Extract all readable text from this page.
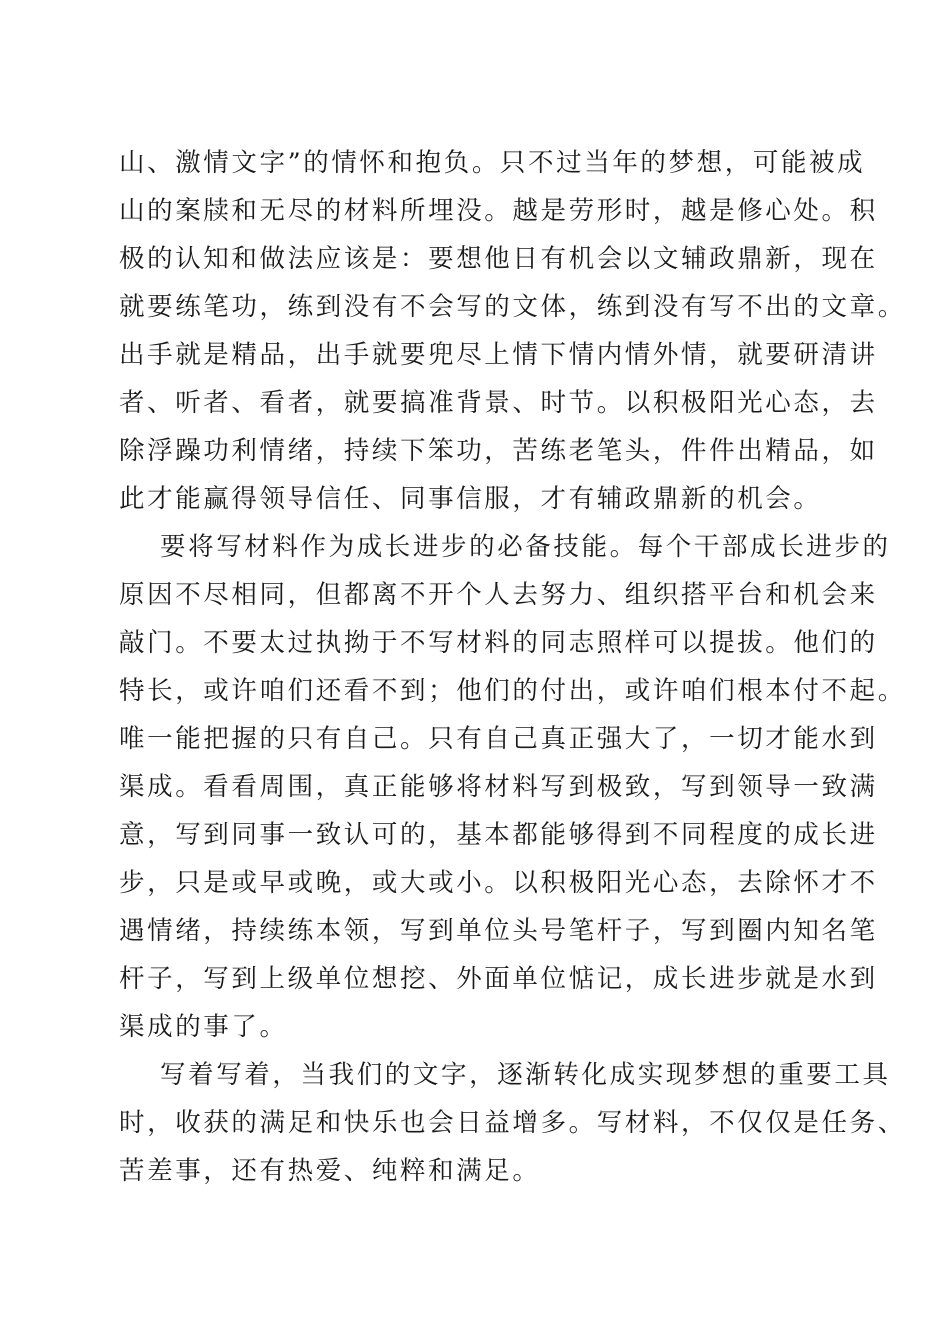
山、激情文字”的情怀和抱负。只不过当年的梦想，可能被成
山的案牍和无尽的材料所埋没。越是劳形时，越是修心处。积
极的认知和做法应该是：要想他日有机会以文辅政鼎新，现在
就要练笔功，练到没有不会写的文体，练到没有写不出的文章。
出手就是精品，出手就要兜尽上情下情内情外情，就要研清讲
者、听者、看者，就要搞准背景、时节。以积极阳光心态，去
除浮躁功利情绪，持续下笨功，苦练老笔头，件件出精品，如
此才能赢得领导信任、同事信服，才有辅政鼎新的机会。
要将写材料作为成长进步的必备技能。每个干部成长进步的
原因不尽相同，但都离不开个人去努力、组织搭平台和机会来
敲门。不要太过执拗于不写材料的同志照样可以提拔。他们的
特长，或许咱们还看不到；他们的付出，或许咱们根本付不起。
唯一能把握的只有自己。只有自己真正强大了，一切才能水到
渠成。看看周围，真正能够将材料写到极致，写到领导一致满
意，写到同事一致认可的，基本都能够得到不同程度的成长进
步，只是或早或晚，或大或小。以积极阳光心态，去除怀才不
遇情绪，持续练本领，写到单位头号笔杆子，写到圈内知名笔
杆子，写到上级单位想挖、外面单位惦记，成长进步就是水到
渠成的事了。
写着写着，当我们的文字，逐渐转化成实现梦想的重要工具
时，收获的满足和快乐也会日益增多。写材料，不仅仅是任务、
苦差事，还有热爱、纯粹和满足。
